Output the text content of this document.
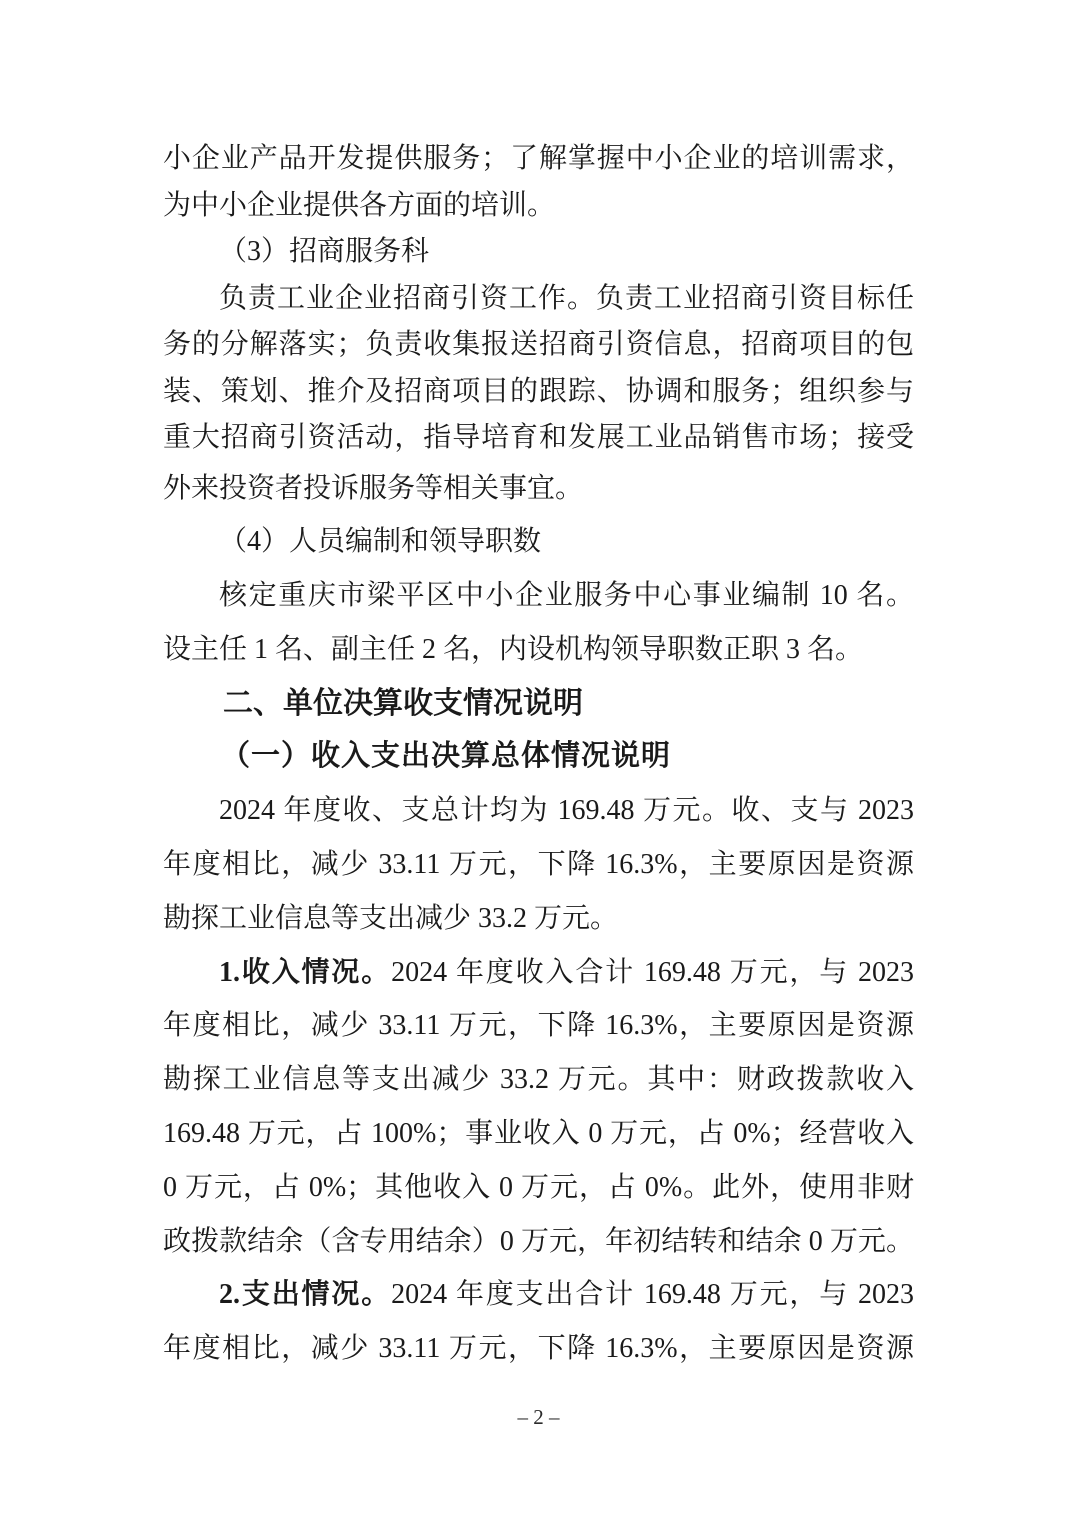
小企业产品开发提供服务；了解掌握中小企业的培训需求，
为中小企业提供各方面的培训。
（3）招商服务科
负责工业企业招商引资工作。负责工业招商引资目标任
务的分解落实；负责收集报送招商引资信息，招商项目的包
装、策划、推介及招商项目的跟踪、协调和服务；组织参与
重大招商引资活动，指导培育和发展工业品销售市场；接受
外来投资者投诉服务等相关事宜。
（4）人员编制和领导职数
核定重庆市梁平区中小企业服务中心事业编制 10 名。
设主任 1 名、副主任 2 名，内设机构领导职数正职 3 名。
二、单位决算收支情况说明
（一）收入支出决算总体情况说明
2024 年度收、支总计均为 169.48 万元。收、支与 2023
年度相比，减少 33.11 万元，下降 16.3%，主要原因是资源
勘探工业信息等支出减少 33.2 万元。
1.收入情况。2024 年度收入合计 169.48 万元，与 2023
年度相比，减少 33.11 万元，下降 16.3%，主要原因是资源
勘探工业信息等支出减少 33.2 万元。其中：财政拨款收入
169.48 万元，占 100%；事业收入 0 万元，占 0%；经营收入
0 万元，占 0%；其他收入 0 万元，占 0%。此外，使用非财
政拨款结余（含专用结余）0 万元，年初结转和结余 0 万元。
2.支出情况。2024 年度支出合计 169.48 万元，与 2023
年度相比，减少 33.11 万元，下降 16.3%，主要原因是资源
– 2 –
